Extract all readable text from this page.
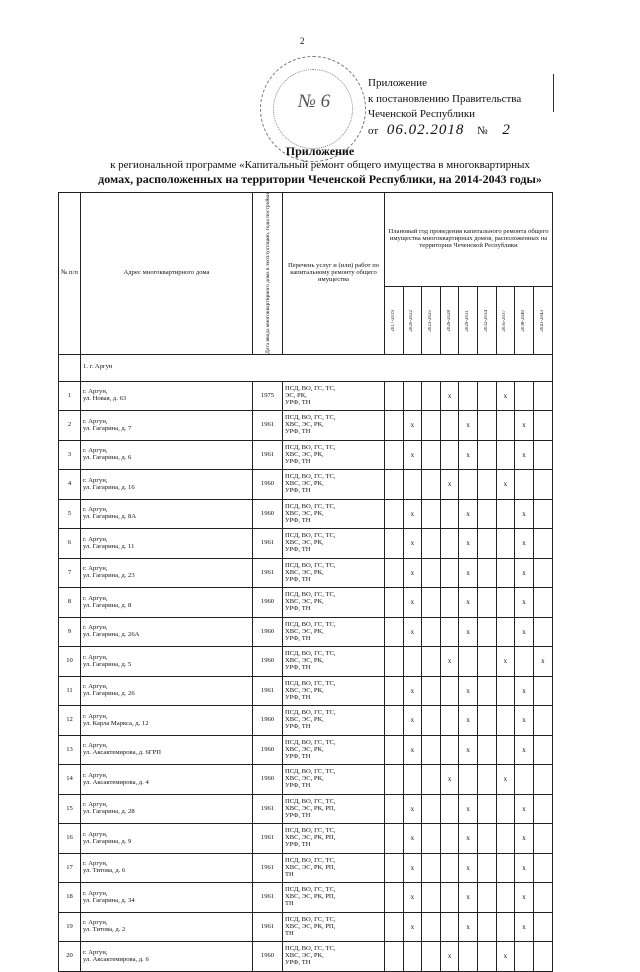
2
№ 6
Приложение
к постановлению Правительства
Чеченской Республики
от 06.02.2018 № 2
Приложение
к региональной программе «Капитальный ремонт общего имущества в многоквартирных
домах, расположенных на территории Чеченской Республики, на 2014-2043 годы»
№ п/п	Адрес многоквартирного дома	Дата ввода многоквартирного дома в эксплуатацию, годы постройки	Перечень услуг и (или) работ по капитальному ремонту общего имущества	Плановый год проведения капитального ремонта общего имущества многоквартирных домов, расположенных на территории Чеченской Республики								

				2017-2019	2020-2022	2023-2025	2026-2028	2029-2031	2032-2034	2035-2037	2038-2040	2041-2043

	1. г. Аргун											
1	г. Аргун,
ул. Новая, д. 63	1975	ПСД, ВО, ГС, ТС,
ЭС, РК,
УРФ, ТН				x			x		
2	г. Аргун,
ул. Гагарина, д. 7	1961	ПСД, ВО, ГС, ТС,
ХВС, ЭС, РК,
УРФ, ТН		x			x			x	
3	г. Аргун,
ул. Гагарина, д. 6	1961	ПСД, ВО, ГС, ТС,
ХВС, ЭС, РК,
УРФ, ТН		x			x			x	
4	г. Аргун,
ул. Гагарина, д. 16	1960	ПСД, ВО, ГС, ТС,
ХВС, ЭС, РК,
УРФ, ТН				x			x		
5	г. Аргун,
ул. Гагарина, д. 8А	1960	ПСД, ВО, ГС, ТС,
ХВС, ЭС, РК,
УРФ, ТН		x			x			x	
6	г. Аргун,
ул. Гагарина, д. 11	1961	ПСД, ВО, ГС, ТС,
ХВС, ЭС, РК,
УРФ, ТН		x			x			x	
7	г. Аргун,
ул. Гагарина, д. 23	1961	ПСД, ВО, ГС, ТС,
ХВС, ЭС, РК,
УРФ, ТН		x			x			x	
8	г. Аргун,
ул. Гагарина, д. 8	1960	ПСД, ВО, ГС, ТС,
ХВС, ЭС, РК,
УРФ, ТН		x			x			x	
9	г. Аргун,
ул. Гагарина, д. 26А	1960	ПСД, ВО, ГС, ТС,
ХВС, ЭС, РК,
УРФ, ТН		x			x			x	
10	г. Аргун,
ул. Гагарина, д. 5	1960	ПСД, ВО, ГС, ТС,
ХВС, ЭС, РК,
УРФ, ТН				x			x		x
11	г. Аргун,
ул. Гагарина, д. 26	1961	ПСД, ВО, ГС, ТС,
ХВС, ЭС, РК,
УРФ, ТН		x			x			x	
12	г. Аргун,
ул. Карла Маркса, д. 12	1960	ПСД, ВО, ГС, ТС,
ХВС, ЭС, РК,
УРФ, ТН		x			x			x	
13	г. Аргун,
ул. Аксактемирова, д. 6ГРП	1960	ПСД, ВО, ГС, ТС,
ХВС, ЭС, РК,
УРФ, ТН		x			x			x	
14	г. Аргун,
ул. Аксактемирова, д. 4	1960	ПСД, ВО, ГС, ТС,
ХВС, ЭС, РК,
УРФ, ТН				x			x		
15	г. Аргун,
ул. Гагарина, д. 28	1961	ПСД, ВО, ГС, ТС,
ХВС, ЭС, РК, РП,
УРФ, ТН		x			x			x	
16	г. Аргун,
ул. Гагарина, д. 9	1961	ПСД, ВО, ГС, ТС,
ХВС, ЭС, РК, РП,
УРФ, ТН		x			x			x	
17	г. Аргун,
ул. Титова, д. 6	1961	ПСД, ВО, ГС, ТС,
ХВС, ЭС, РК, РП,
ТН		x			x			x	
18	г. Аргун,
ул. Гагарина, д. 34	1961	ПСД, ВО, ГС, ТС,
ХВС, ЭС, РК, РП,
ТН		x			x			x	
19	г. Аргун,
ул. Титова, д. 2	1961	ПСД, ВО, ГС, ТС,
ХВС, ЭС, РК, РП,
ТН		x			x			x	
20	г. Аргун,
ул. Аксактемирова, д. 6	1960	ПСД, ВО, ГС, ТС,
ХВС, ЭС, РК,
УРФ, ТН				x			x		
